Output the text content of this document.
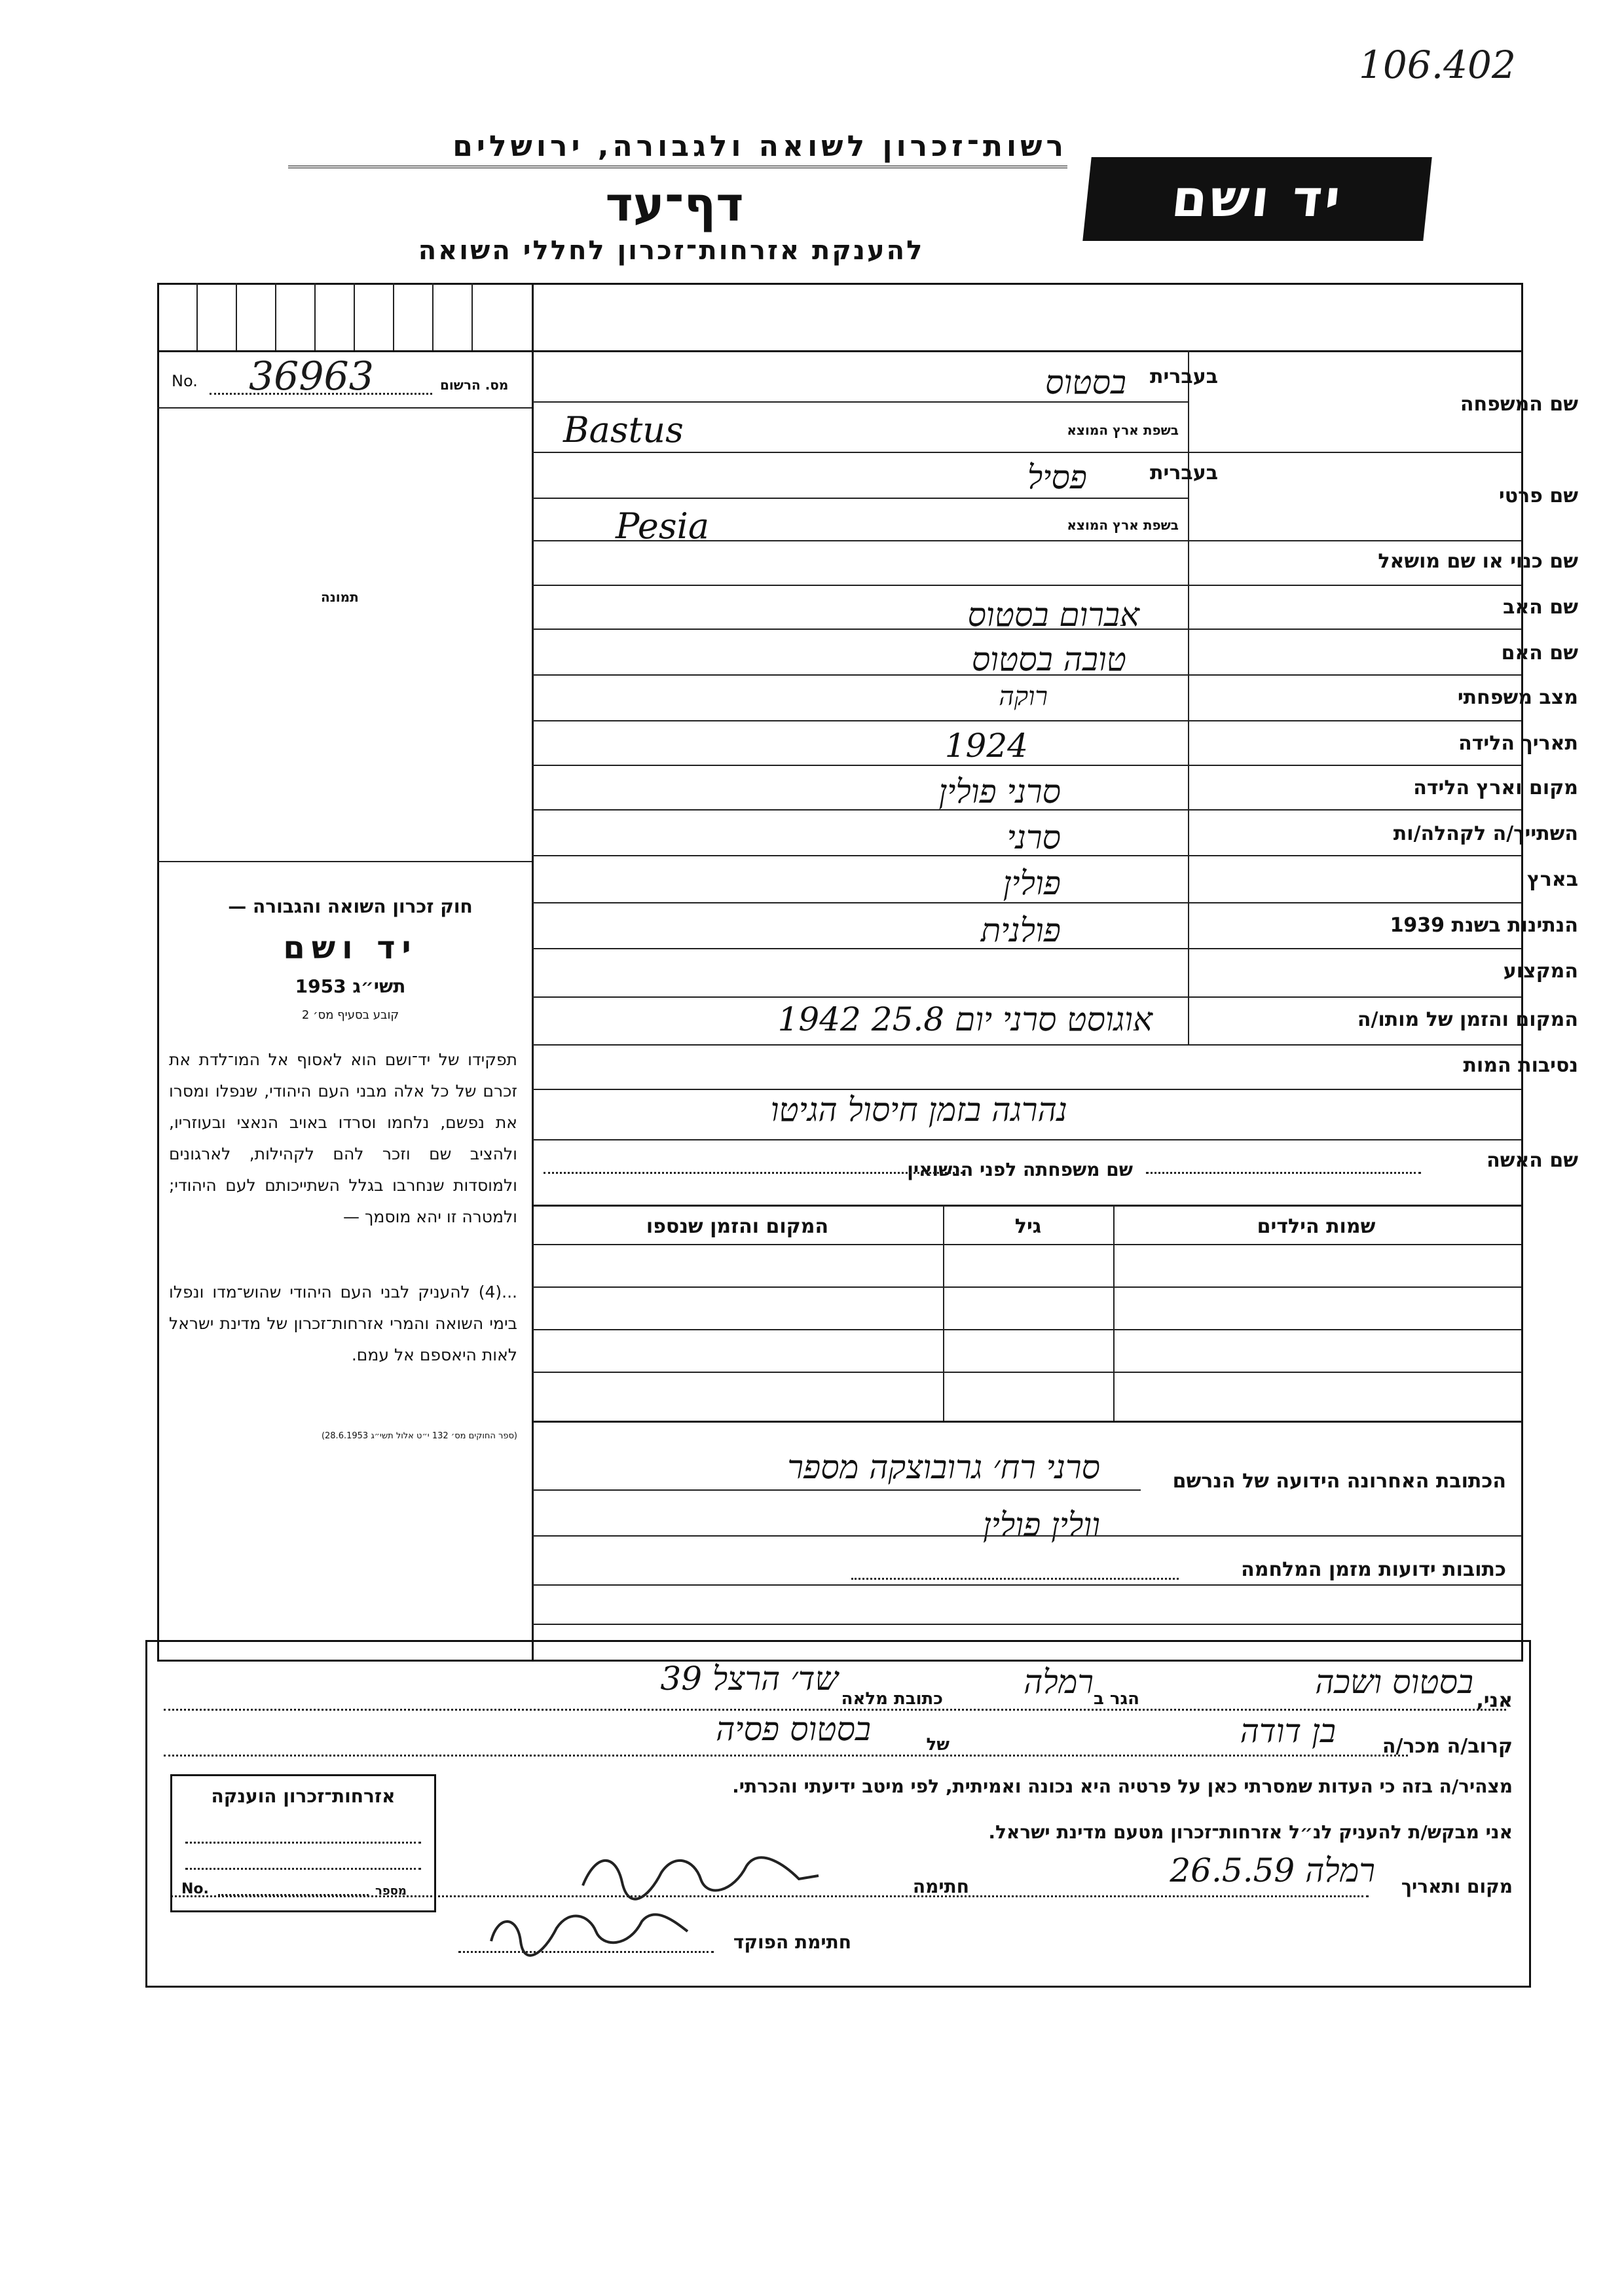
106.402
רשות־זכרון לשואה ולגבורה, ירושלים
דף־עד
להענקת אזרחות־זכרון לחללי השואה
יד ושם
No. 36963	מס. הרשום
תמונה
חוק זכרון השואה והגבורה —
יד ושם
תשי״ג 1953
קובע בסעיף מס׳ 2
תפקידו של יד־ושם הוא לאסוף אל המו־לדת את זכרם של כל אלה מבני העם היהודי, שנפלו ומסרו את נפשם, נלחמו וסרדו באויב הנאצי ובעוזריו, ולהציב שם וזכר להם לקהילות, לארגונים ולמוסדות שנחרבו בגלל השתייכותם לעם היהודי; ולמטרה זו יהא מוסמך —
...(4) להעניק לבני העם היהודי שהוש־מדו ונפלו בימי השואה והמרי אזרחות־זכרון של מדינת ישראל לאות היאספם אל עמם.
(ספר החוקים מס׳ 132 י״ט אלול תשי״ג 28.6.1953)
בעברית
שם המשפחה
בשפת ארץ המוצא
בסטוס
Bastus
בעברית
שם פרטי
בשפת ארץ המוצא
פסיל
Pesia
שם כנוי או שם מושאל
שם האב
אברום בסטוס
שם האם
טובה בסטוס
מצב משפחתי
רוקה
תאריך הלידה
1924
מקום וארץ הלידה
סרני פולין
השתייך/ה לקהלה/ות
סרני
בארץ
פולין
הנתינות בשנת 1939
פולנית
המקצוע
המקום והזמן של מותו/ה
אוגוסט סרני יום 25.8 1942
נסיבות המות
נהרגה בזמן חיסול הגיטו
שם האשה
שם משפחתה לפני הנשואין
שמות הילדים
גיל
המקום והזמן שנספו
הכתובת האחרונה הידועה של הנרשם
סרני רח׳ גרובוצקה מספר
וולין פולין
כתובות ידועות מזמן המלחמה
אני,
בסטוס ושכה
הגר ב
רמלה
כתובת מלאה
שד׳ הרצל 39
קרוב/ה מכר/ה
בן דודה
של
בסטוס פסיה
מצהיר/ה בזה כי העדות שמסרתי כאן על פרטיה היא נכונה ואמיתית, לפי מיטב ידיעתי והכרתי.
אני מבקש/ת להעניק לנ״ל אזרחות־זכרון מטעם מדינת ישראל.
מקום ותאריך
רמלה 26.5.59
חתימה
חתימת הפוקד
אזרחות־זכרון הוענקה
No.	מספר
